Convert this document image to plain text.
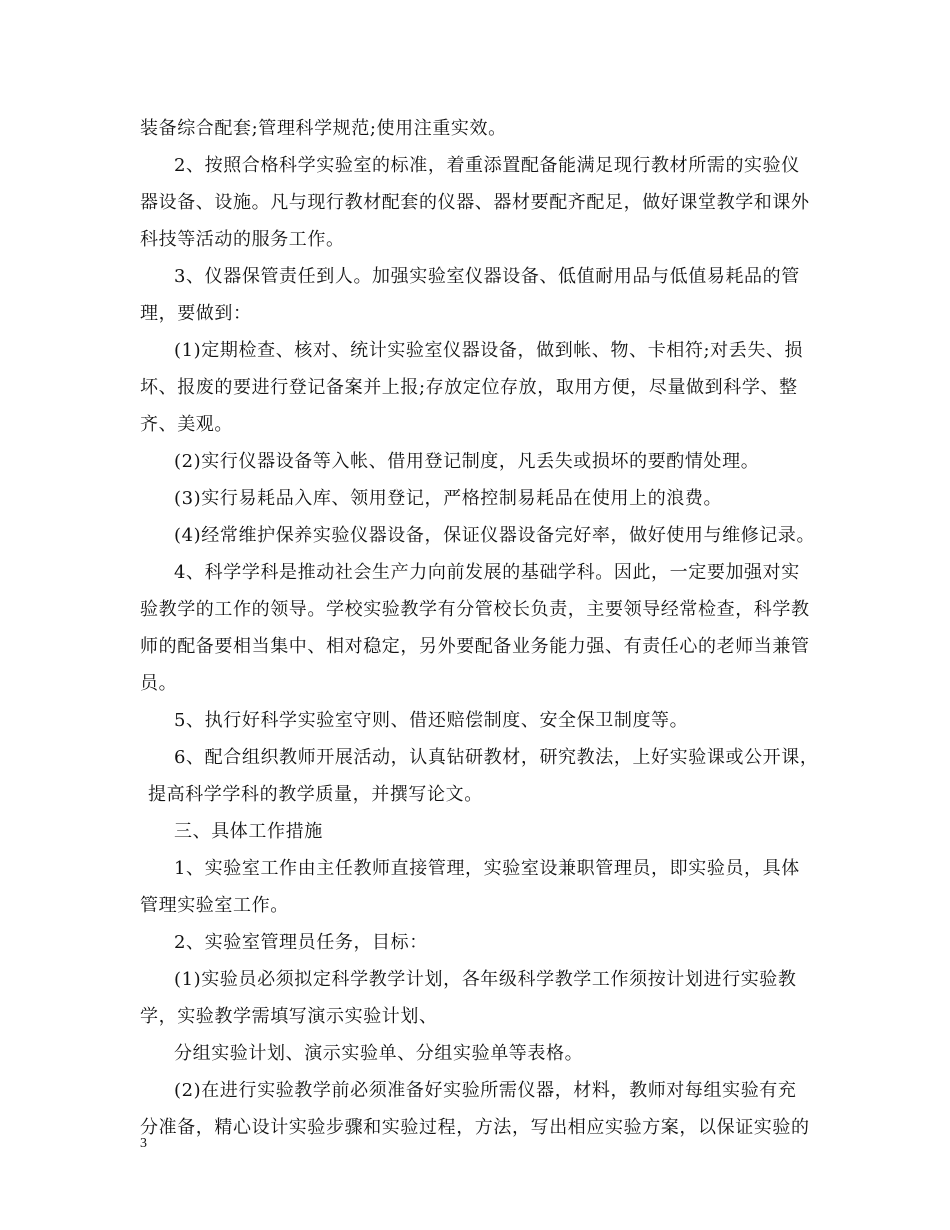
装备综合配套;管理科学规范;使用注重实效。
2、按照合格科学实验室的标准，着重添置配备能满足现行教材所需的实验仪
器设备、设施。凡与现行教材配套的仪器、器材要配齐配足，做好课堂教学和课外
科技等活动的服务工作。
3、仪器保管责任到人。加强实验室仪器设备、低值耐用品与低值易耗品的管
理，要做到：
(1)定期检查、核对、统计实验室仪器设备，做到帐、物、卡相符;对丢失、损
坏、报废的要进行登记备案并上报;存放定位存放，取用方便，尽量做到科学、整
齐、美观。
(2)实行仪器设备等入帐、借用登记制度，凡丢失或损坏的要酌情处理。
(3)实行易耗品入库、领用登记，严格控制易耗品在使用上的浪费。
(4)经常维护保养实验仪器设备，保证仪器设备完好率，做好使用与维修记录。
4、科学学科是推动社会生产力向前发展的基础学科。因此，一定要加强对实
验教学的工作的领导。学校实验教学有分管校长负责，主要领导经常检查，科学教
师的配备要相当集中、相对稳定，另外要配备业务能力强、有责任心的老师当兼管
员。
5、执行好科学实验室守则、借还赔偿制度、安全保卫制度等。
6、配合组织教师开展活动，认真钻研教材，研究教法，上好实验课或公开课，
提高科学学科的教学质量，并撰写论文。
三、具体工作措施
1、实验室工作由主任教师直接管理，实验室设兼职管理员，即实验员，具体
管理实验室工作。
2、实验室管理员任务，目标：
(1)实验员必须拟定科学教学计划，各年级科学教学工作须按计划进行实验教
学，实验教学需填写演示实验计划、
分组实验计划、演示实验单、分组实验单等表格。
(2)在进行实验教学前必须准备好实验所需仪器，材料，教师对每组实验有充
分准备，精心设计实验步骤和实验过程，方法，写出相应实验方案，以保证实验的
3
